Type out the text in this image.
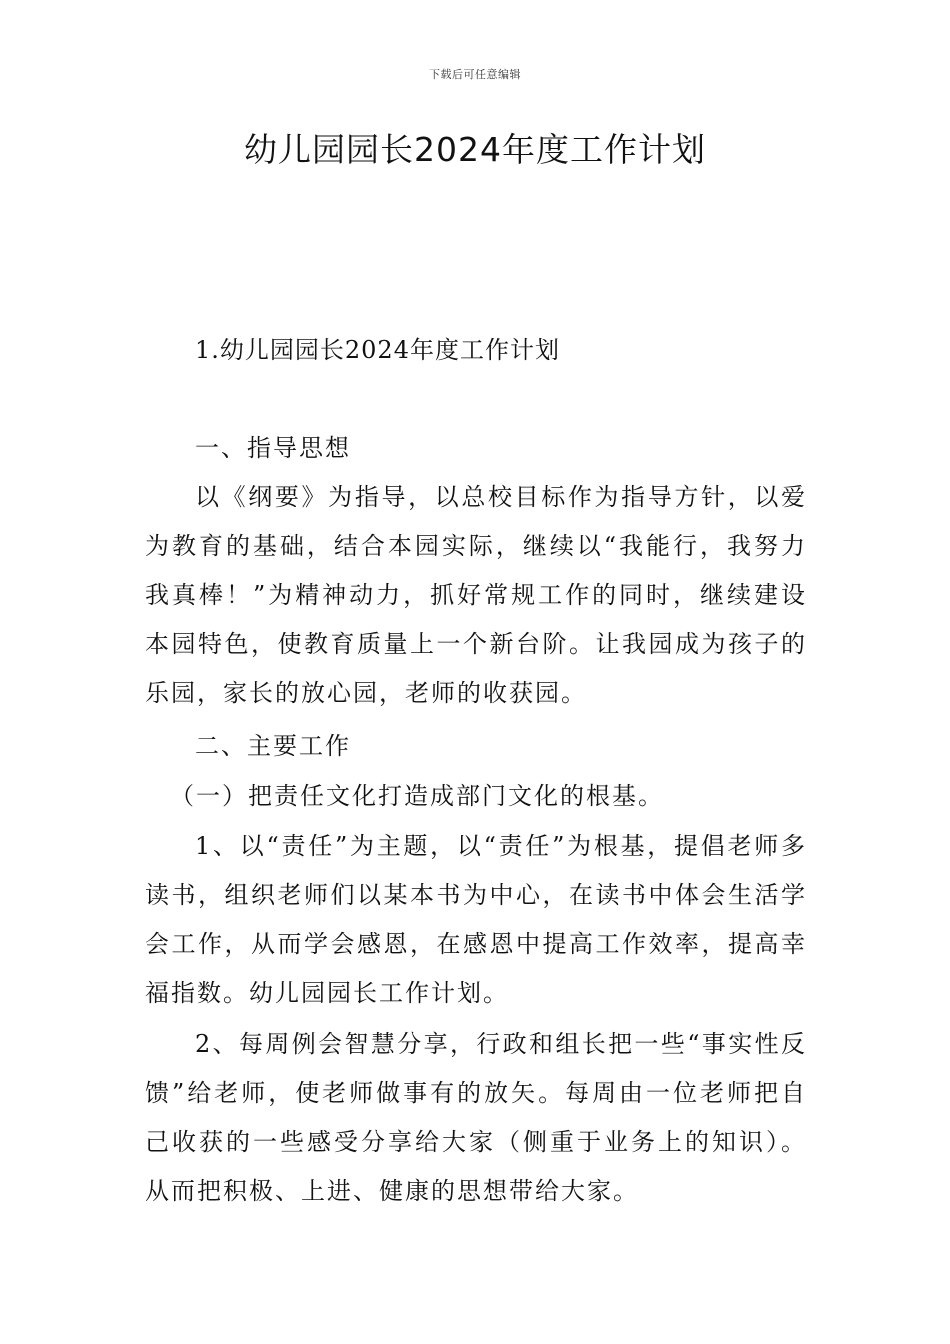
下载后可任意编辑
幼儿园园长2024年度工作计划
1.幼儿园园长2024年度工作计划
一、指导思想
以《纲要》为指导，以总校目标作为指导方针，以爱为教育的基础，结合本园实际，继续以“我能行，我努力我真棒！”为精神动力，抓好常规工作的同时，继续建设本园特色，使教育质量上一个新台阶。让我园成为孩子的乐园，家长的放心园，老师的收获园。
二、主要工作
（一）把责任文化打造成部门文化的根基。
1、以“责任”为主题，以“责任”为根基，提倡老师多读书，组织老师们以某本书为中心，在读书中体会生活学会工作，从而学会感恩，在感恩中提高工作效率，提高幸福指数。幼儿园园长工作计划。
2、每周例会智慧分享，行政和组长把一些“事实性反馈”给老师，使老师做事有的放矢。每周由一位老师把自己收获的一些感受分享给大家（侧重于业务上的知识）。从而把积极、上进、健康的思想带给大家。
